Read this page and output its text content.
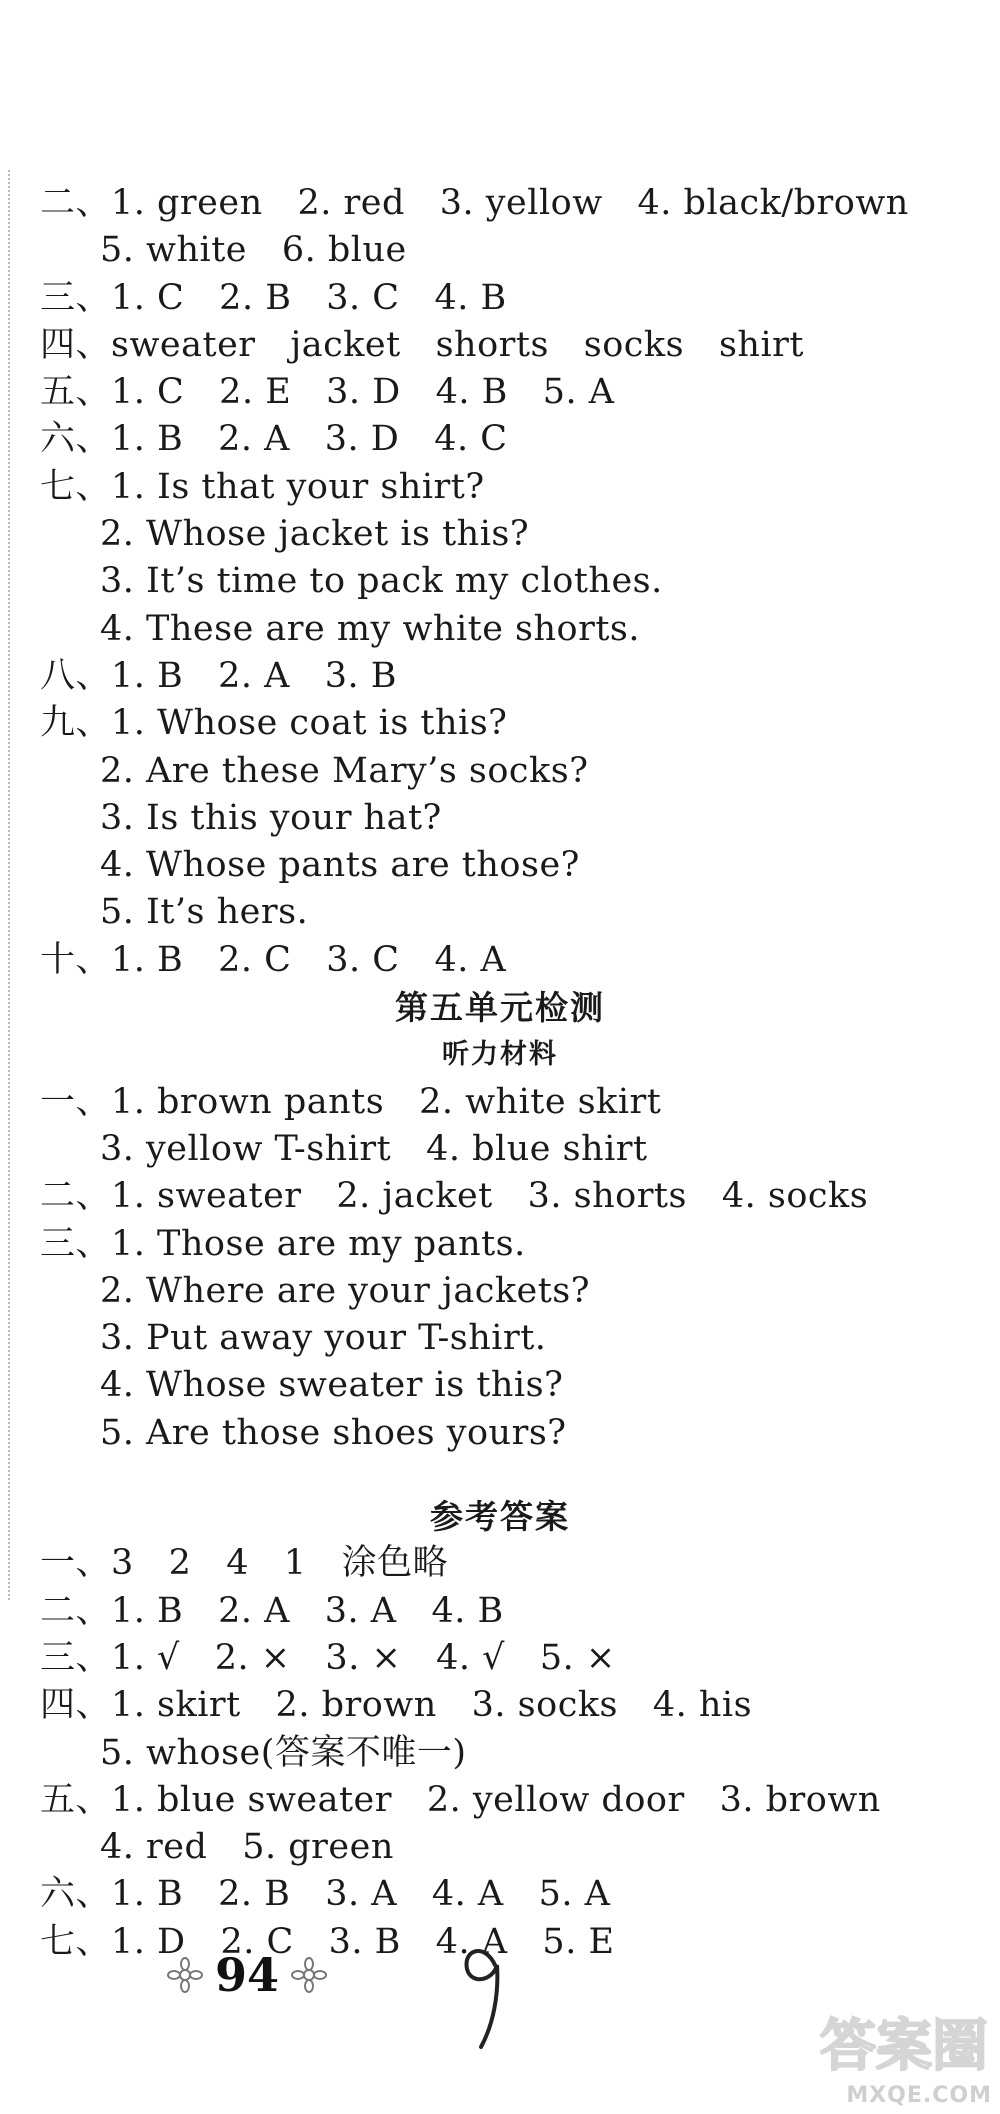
二、1. green   2. red   3. yellow   4. black/brown
5. white   6. blue
三、1. C   2. B   3. C   4. B
四、sweater   jacket   shorts   socks   shirt
五、1. C   2. E   3. D   4. B   5. A
六、1. B   2. A   3. D   4. C
七、1. Is that your shirt?
2. Whose jacket is this?
3. It’s time to pack my clothes.
4. These are my white shorts.
八、1. B   2. A   3. B
九、1. Whose coat is this?
2. Are these Mary’s socks?
3. Is this your hat?
4. Whose pants are those?
5. It’s hers.
十、1. B   2. C   3. C   4. A
第五单元检测
听力材料
一、1. brown pants   2. white skirt
3. yellow T-shirt   4. blue shirt
二、1. sweater   2. jacket   3. shorts   4. socks
三、1. Those are my pants.
2. Where are your jackets?
3. Put away your T-shirt.
4. Whose sweater is this?
5. Are those shoes yours?
参考答案
一、3   2   4   1   涂色略
二、1. B   2. A   3. A   4. B
三、1. √   2. ×   3. ×   4. √   5. ×
四、1. skirt   2. brown   3. socks   4. his
5. whose(答案不唯一)
五、1. blue sweater   2. yellow door   3. brown
4. red   5. green
六、1. B   2. B   3. A   4. A   5. A
七、1. D   2. C   3. B   4. A   5. E
94
答案圈
MXQE.COM
